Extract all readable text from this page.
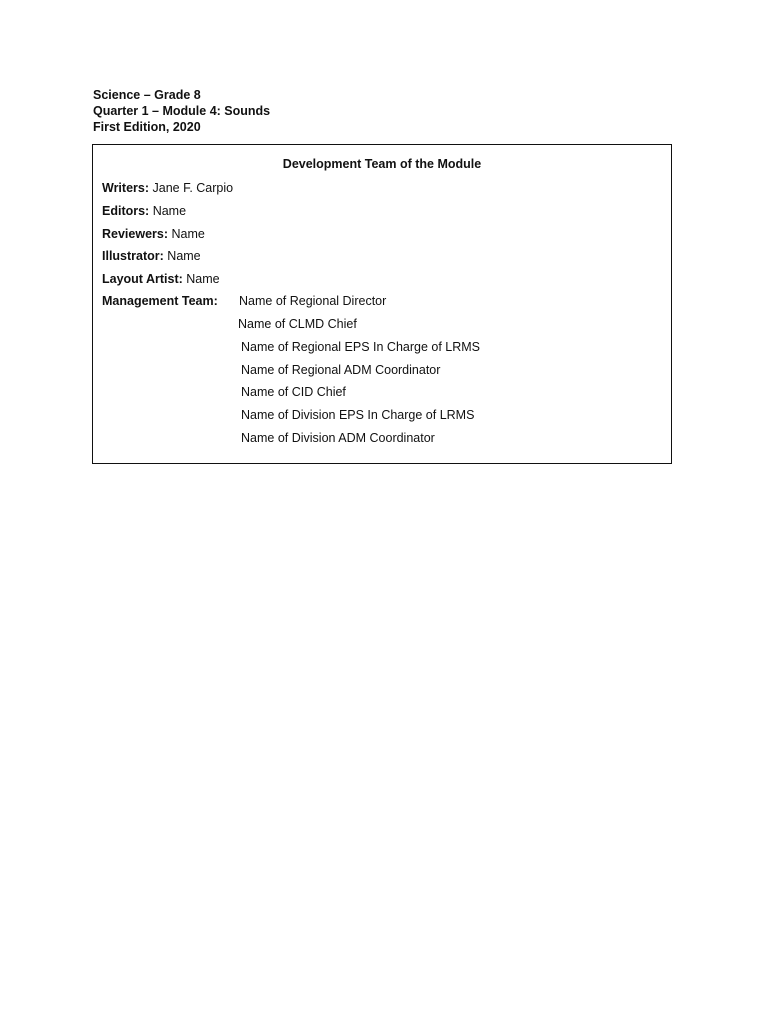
Science – Grade 8
Quarter 1 – Module 4: Sounds
First Edition, 2020
Development Team of the Module
Writers: Jane F. Carpio
Editors: Name
Reviewers: Name
Illustrator: Name
Layout Artist: Name
Management Team: Name of Regional Director
Name of CLMD Chief
Name of Regional EPS In Charge of LRMS
Name of Regional ADM Coordinator
Name of CID Chief
Name of Division EPS In Charge of LRMS
Name of Division ADM Coordinator
